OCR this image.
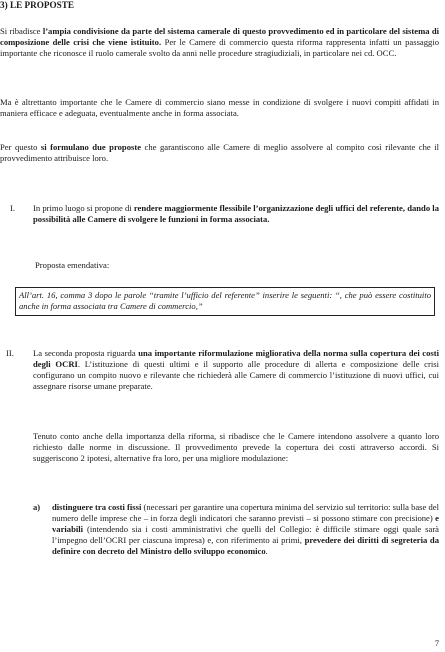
3) LE PROPOSTE

Si ribadisce l’ampia condivisione da parte del sistema camerale di questo provvedimento ed in particolare del sistema di composizione delle crisi che viene istituito. Per le Camere di commercio questa riforma rappresenta infatti un passaggio importante che riconosce il ruolo camerale svolto da anni nelle procedure stragiudiziali, in particolare nei cd. OCC.

Ma è altrettanto importante che le Camere di commercio siano messe in condizione di svolgere i nuovi compiti affidati in maniera efficace e adeguata, eventualmente anche in forma associata.

Per questo si formulano due proposte che garantiscono alle Camere di meglio assolvere al compito così rilevante che il provvedimento attribuisce loro.

I. In primo luogo si propone di rendere maggiormente flessibile l’organizzazione degli uffici del referente, dando la possibilità alle Camere di svolgere le funzioni in forma associata.

Proposta emendativa:
All’art. 16, comma 3 dopo le parole “tramite l’ufficio del referente” inserire le seguenti: “, che può essere costituito anche in forma associata tra Camere di commercio,”
II. La seconda proposta riguarda una importante riformulazione migliorativa della norma sulla copertura dei costi degli OCRI. L’istituzione di questi ultimi e il supporto alle procedure di allerta e composizione delle crisi configurano un compito nuovo e rilevante che richiederà alle Camere di commercio l’istituzione di nuovi uffici, cui assegnare risorse umane preparate.

Tenuto conto anche della importanza della riforma, si ribadisce che le Camere intendono assolvere a quanto loro richiesto dalle norme in discussione. Il provvedimento prevede la copertura dei costi attraverso accordi. Si suggeriscono 2 ipotesi, alternative fra loro, per una migliore modulazione:

a) distinguere tra costi fissi (necessari per garantire una copertura minima del servizio sul territorio: sulla base del numero delle imprese che – in forza degli indicatori che saranno previsti – si possono stimare con precisione) e variabili (intendendo sia i costi amministrativi che quelli del Collegio: è difficile stimare oggi quale sarà l’impegno dell’OCRI per ciascuna impresa) e, con riferimento ai primi, prevedere dei diritti di segreteria da definire con decreto del Ministro dello sviluppo economico.

7
